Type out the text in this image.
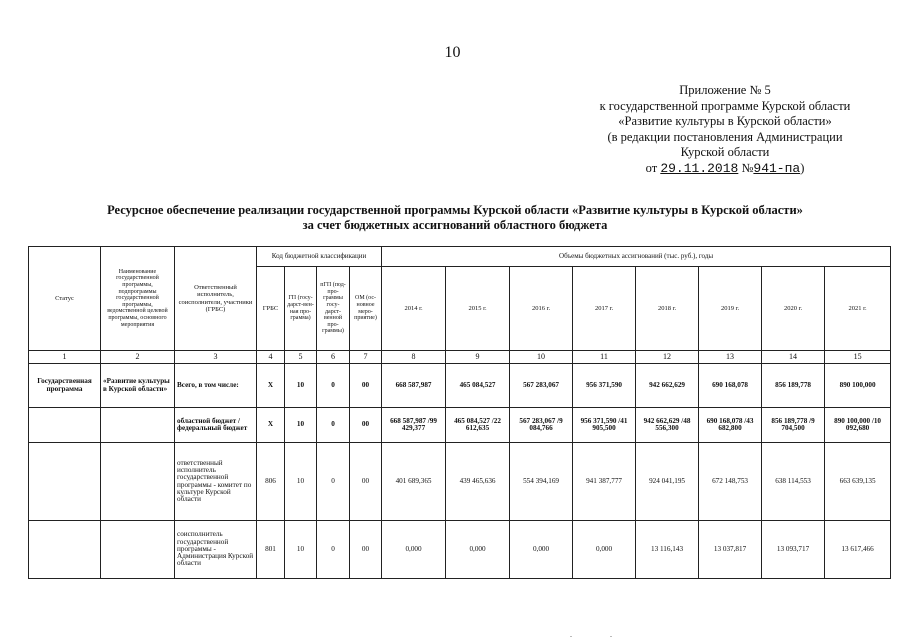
10
Приложение № 5
к государственной программе Курской области
«Развитие культуры в Курской области»
(в редакции постановления Администрации
Курской области
от 29.11.2018 №941-па)
Ресурсное обеспечение реализации государственной программы Курской области «Развитие культуры в Курской области»
за счет бюджетных ассигнований областного бюджета
Статус	Наименование государственной программы, подпрограммы государственной программы, ведомственной целевой программы, основного мероприятия	Ответственный исполнитель, соисполнители, участники (ГРБС)	Код бюджетной классификации				Объемы бюджетных ассигнований (тыс. руб.), годы							
			ГРБС	ГП (госу-дарст-вен-ная про-грамма)	пГП (под-про-граммы госу-дарст-венной про-граммы)	ОМ (ос-новное меро-приятие)	2014 г.	2015 г.	2016 г.	2017 г.	2018 г.	2019 г.	2020 г.	2021 г.
1	2	3	4	5	6	7	8	9	10	11	12	13	14	15
Государственная программа	«Развитие культуры в Курской области»	Всего, в том числе:	Х	10	0	00	668 587,987	465 084,527	567 283,067	956 371,590	942 662,629	690 168,078	856 189,778	890 100,000
		областной бюджет /федеральный бюджет	Х	10	0	00	668 587,987 /99 429,377	465 084,527 /22 612,635	567 283,067 /9 084,766	956 371,590 /41 905,500	942 662,629 /48 556,300	690 168,078 /43 682,800	856 189,778 /9 704,500	890 100,000 /10 092,680
		ответственный исполнитель государственной программы - комитет по культуре Курской области	806	10	0	00	401 689,365	439 465,636	554 394,169	941 387,777	924 041,195	672 148,753	638 114,553	663 639,135
		соисполнитель государственной программы - Администрация Курской области	801	10	0	00	0,000	0,000	0,000	0,000	13 116,143	13 037,817	13 093,717	13 617,466
